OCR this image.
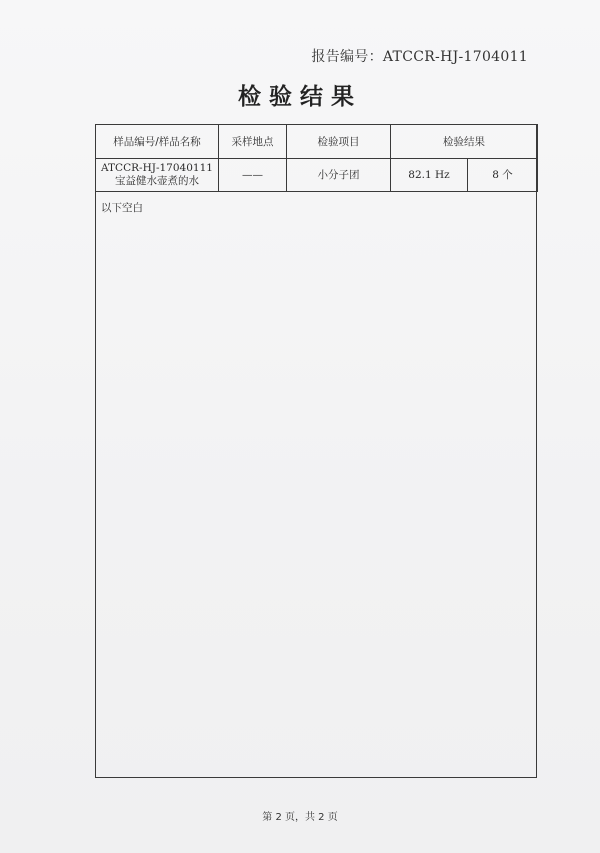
报告编号：ATCCR-HJ-1704011
检验结果
样品编号/样品名称	采样地点	检验项目	检验结果	

ATCCR-HJ-17040111
宝益健水壶煮的水	——	小分子团	82.1 Hz	8 个
以下空白
第 2 页，共 2 页
